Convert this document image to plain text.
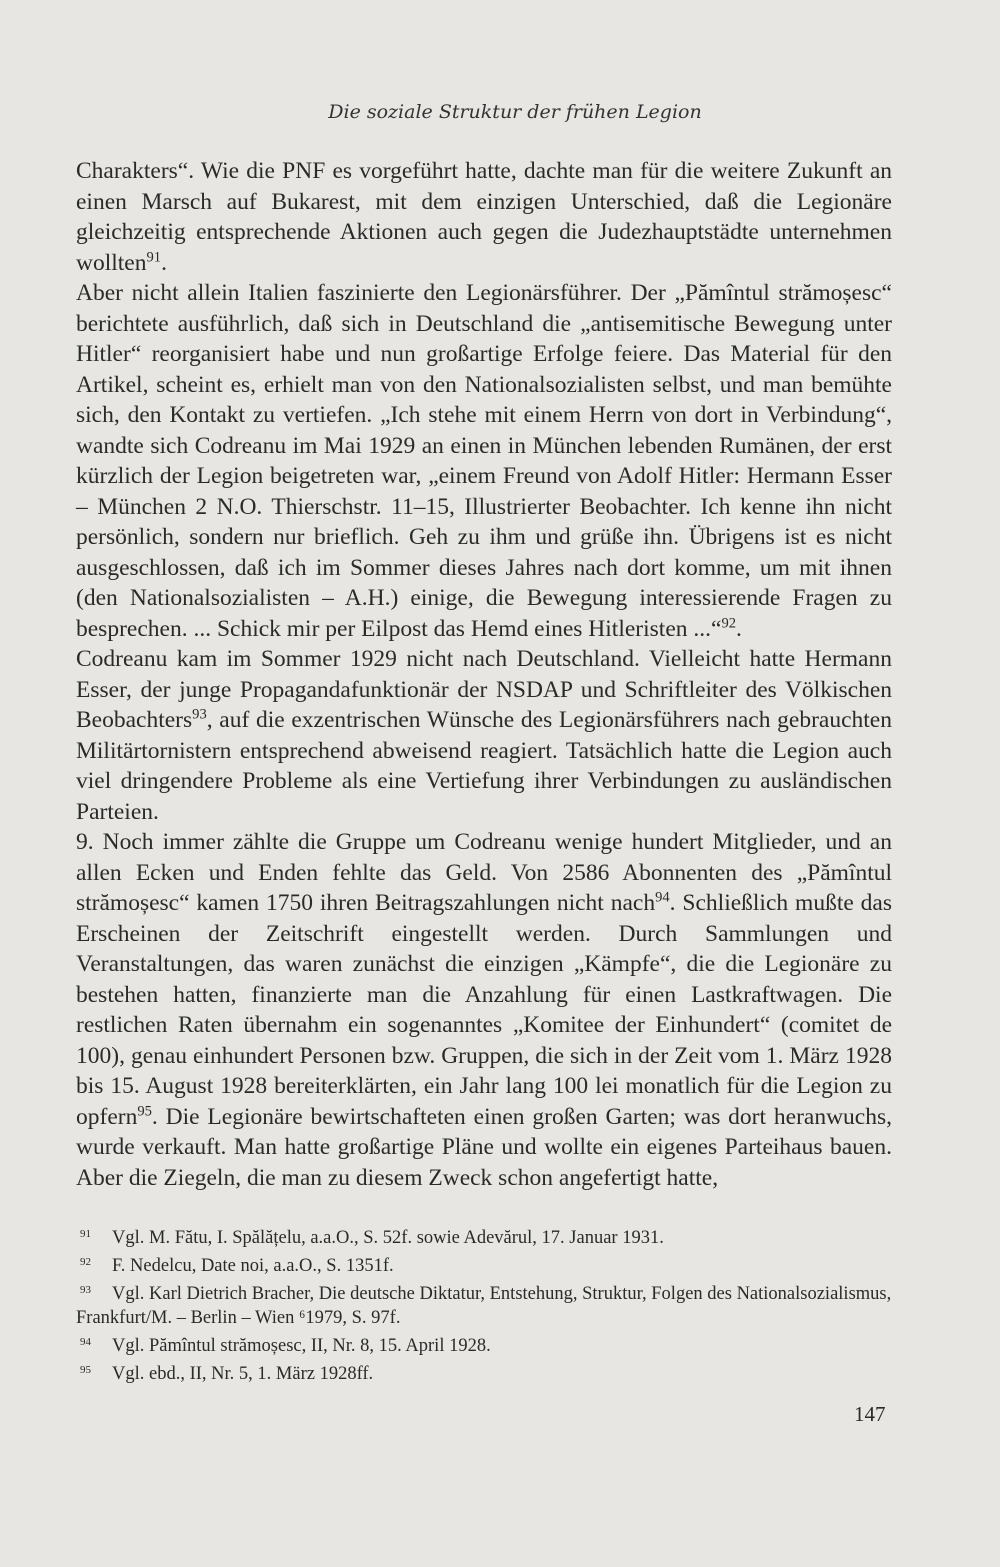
Die soziale Struktur der frühen Legion

Charakters“. Wie die PNF es vorgeführt hatte, dachte man für die weitere Zukunft an einen Marsch auf Bukarest, mit dem einzigen Unterschied, daß die Legionäre gleichzeitig entsprechende Aktionen auch gegen die Judezhauptstädte unternehmen wollten$^{91}$.

Aber nicht allein Italien faszinierte den Legionärsführer. Der „Pămîntul strămoșesc“ berichtete ausführlich, daß sich in Deutschland die „antisemitische Bewegung unter Hitler“ reorganisiert habe und nun großartige Erfolge feiere. Das Material für den Artikel, scheint es, erhielt man von den Nationalsozialisten selbst, und man bemühte sich, den Kontakt zu vertiefen. „Ich stehe mit einem Herrn von dort in Verbindung“, wandte sich Codreanu im Mai 1929 an einen in München lebenden Rumänen, der erst kürzlich der Legion beigetreten war, „einem Freund von Adolf Hitler: Hermann Esser – München 2 N.O. Thierschstr. 11–15, Illustrierter Beobachter. Ich kenne ihn nicht persönlich, sondern nur brieflich. Geh zu ihm und grüße ihn. Übrigens ist es nicht ausgeschlossen, daß ich im Sommer dieses Jahres nach dort komme, um mit ihnen (den Nationalsozialisten – A.H.) einige, die Bewegung interessierende Fragen zu besprechen. ... Schick mir per Eilpost das Hemd eines Hitleristen ...“$^{92}$.

Codreanu kam im Sommer 1929 nicht nach Deutschland. Vielleicht hatte Hermann Esser, der junge Propagandafunktionär der NSDAP und Schriftleiter des Völkischen Beobachters$^{93}$, auf die exzentrischen Wünsche des Legionärsführers nach gebrauchten Militärtornistern entsprechend abweisend reagiert. Tatsächlich hatte die Legion auch viel dringendere Probleme als eine Vertiefung ihrer Verbindungen zu ausländischen Parteien.

9. Noch immer zählte die Gruppe um Codreanu wenige hundert Mitglieder, und an allen Ecken und Enden fehlte das Geld. Von 2586 Abonnenten des „Pămîntul strămoșesc“ kamen 1750 ihren Beitragszahlungen nicht nach$^{94}$. Schließlich mußte das Erscheinen der Zeitschrift eingestellt werden. Durch Sammlungen und Veranstaltungen, das waren zunächst die einzigen „Kämpfe“, die die Legionäre zu bestehen hatten, finanzierte man die Anzahlung für einen Lastkraftwagen. Die restlichen Raten übernahm ein sogenanntes „Komitee der Einhundert“ (comitet de 100), genau einhundert Personen bzw. Gruppen, die sich in der Zeit vom 1. März 1928 bis 15. August 1928 bereiterklärten, ein Jahr lang 100 lei monatlich für die Legion zu opfern$^{95}$. Die Legionäre bewirtschafteten einen großen Garten; was dort heranwuchs, wurde verkauft. Man hatte großartige Pläne und wollte ein eigenes Parteihaus bauen. Aber die Ziegeln, die man zu diesem Zweck schon angefertigt hatte,

91 Vgl. M. Fătu, I. Spălățelu, a.a.O., S. 52f. sowie Adevărul, 17. Januar 1931.

92 F. Nedelcu, Date noi, a.a.O., S. 1351f.

93 Vgl. Karl Dietrich Bracher, Die deutsche Diktatur, Entstehung, Struktur, Folgen des Nationalsozialismus, Frankfurt/M. – Berlin – Wien ⁶1979, S. 97f.

94 Vgl. Pămîntul strămoșesc, II, Nr. 8, 15. April 1928.

95 Vgl. ebd., II, Nr. 5, 1. März 1928ff.

147
